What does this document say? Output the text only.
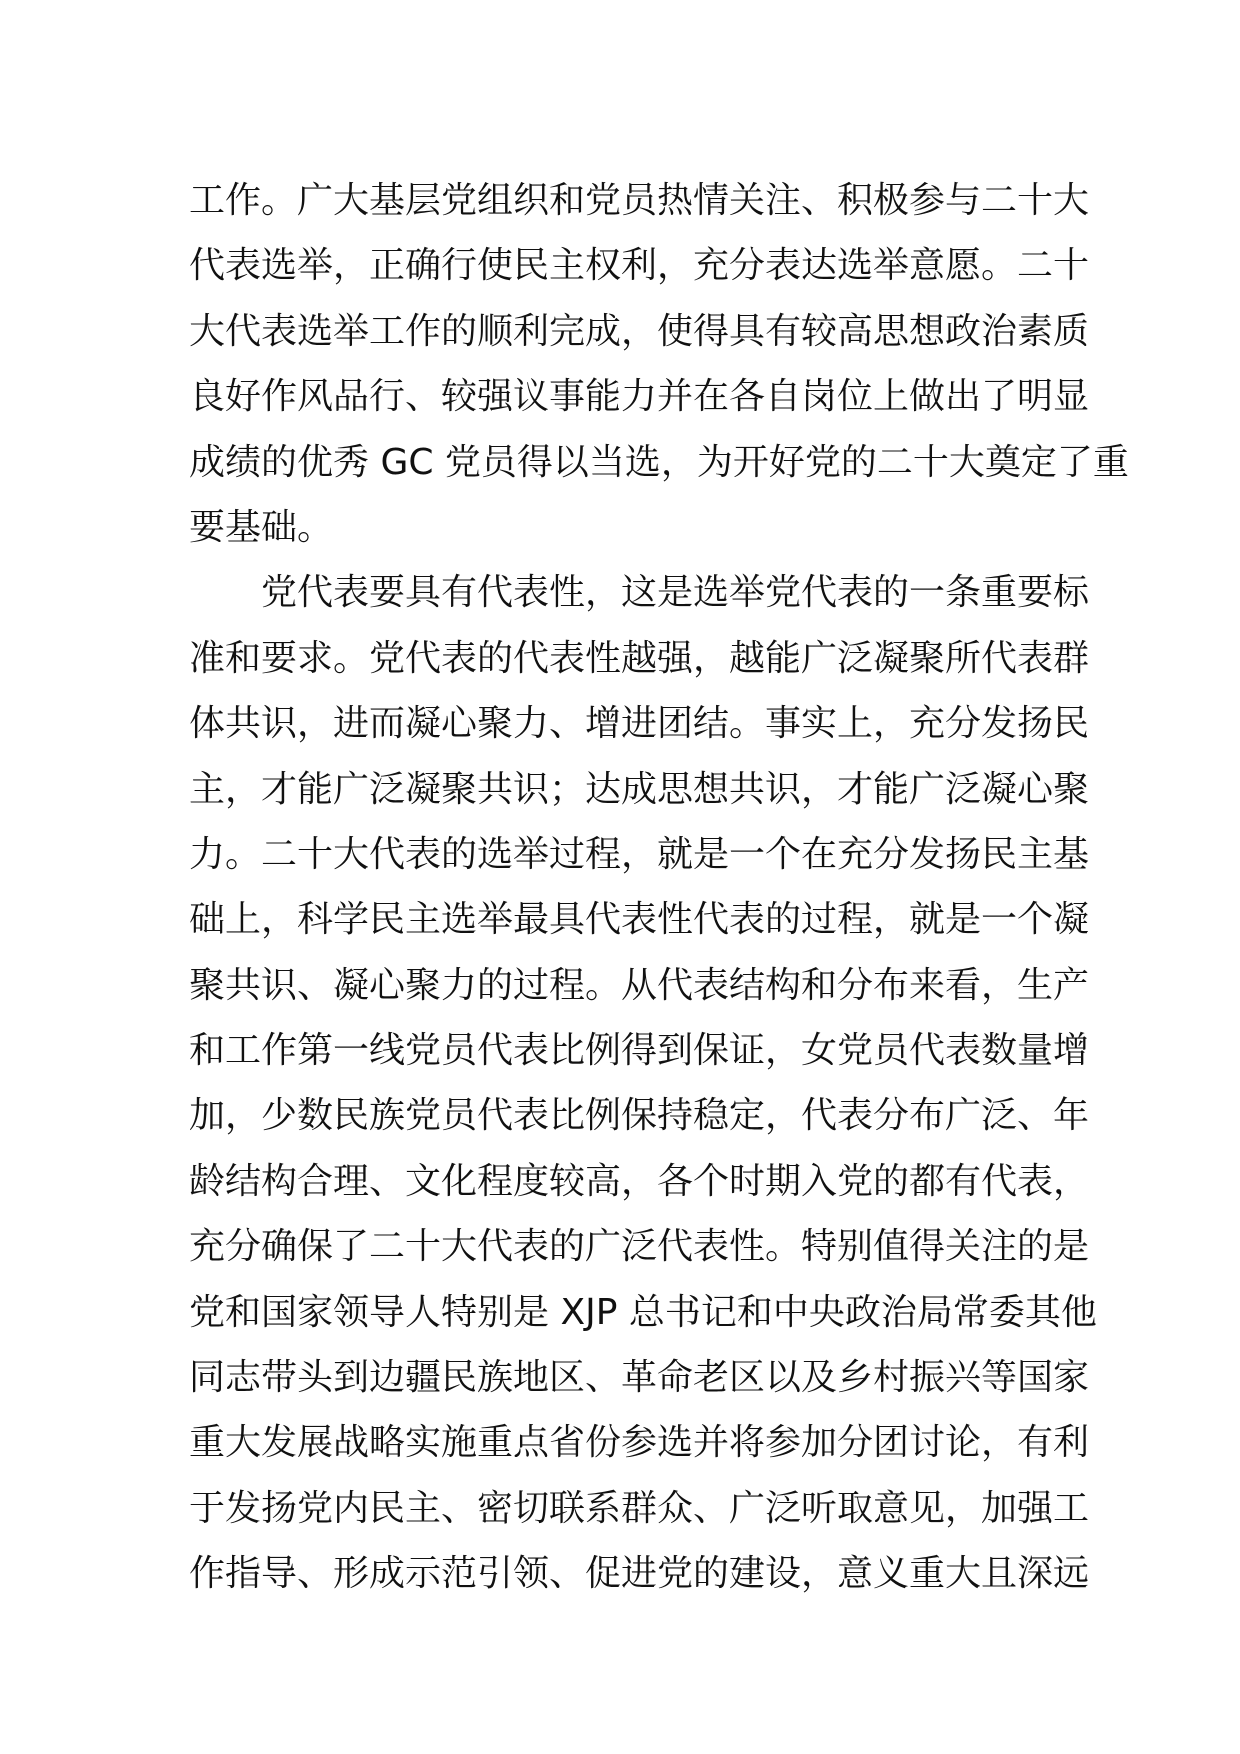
工作。广大基层党组织和党员热情关注、积极参与二十大
代表选举，正确行使民主权利，充分表达选举意愿。二十
大代表选举工作的顺利完成，使得具有较高思想政治素质
良好作风品行、较强议事能力并在各自岗位上做出了明显
成绩的优秀 GC 党员得以当选，为开好党的二十大奠定了重
要基础。
党代表要具有代表性，这是选举党代表的一条重要标
准和要求。党代表的代表性越强，越能广泛凝聚所代表群
体共识，进而凝心聚力、增进团结。事实上，充分发扬民
主，才能广泛凝聚共识；达成思想共识，才能广泛凝心聚
力。二十大代表的选举过程，就是一个在充分发扬民主基
础上，科学民主选举最具代表性代表的过程，就是一个凝
聚共识、凝心聚力的过程。从代表结构和分布来看，生产
和工作第一线党员代表比例得到保证，女党员代表数量增
加，少数民族党员代表比例保持稳定，代表分布广泛、年
龄结构合理、文化程度较高，各个时期入党的都有代表，
充分确保了二十大代表的广泛代表性。特别值得关注的是
党和国家领导人特别是 XJP 总书记和中央政治局常委其他
同志带头到边疆民族地区、革命老区以及乡村振兴等国家
重大发展战略实施重点省份参选并将参加分团讨论，有利
于发扬党内民主、密切联系群众、广泛听取意见，加强工
作指导、形成示范引领、促进党的建设，意义重大且深远
